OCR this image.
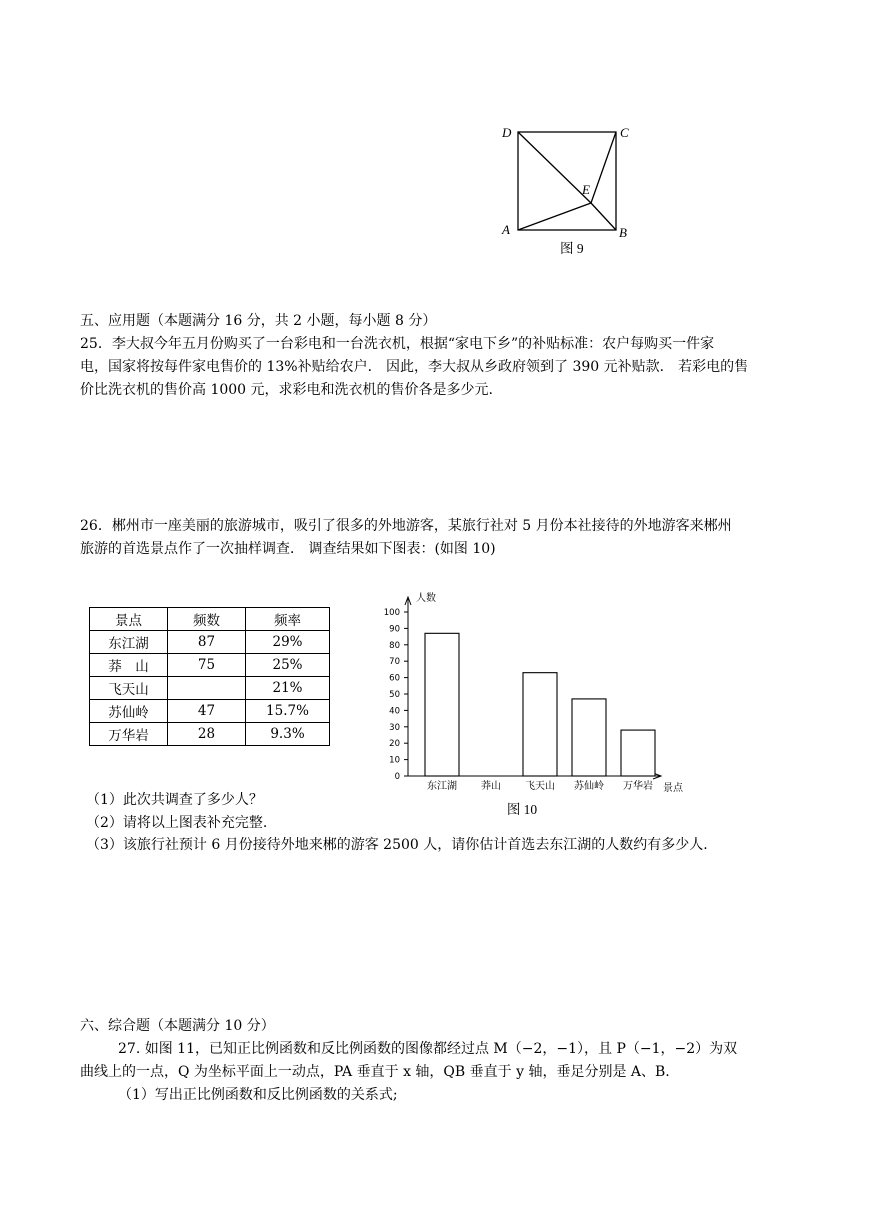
D	C
E
A	B
图 9
五、应用题（本题满分 16 分，共 2 小题，每小题 8 分）
25．李大叔今年五月份购买了一台彩电和一台洗衣机，根据“家电下乡”的补贴标准：农户每购买一件家
电，国家将按每件家电售价的 13%补贴给农户． 因此，李大叔从乡政府领到了 390 元补贴款． 若彩电的售
价比洗衣机的售价高 1000 元，求彩电和洗衣机的售价各是多少元.
26．郴州市一座美丽的旅游城市，吸引了很多的外地游客，某旅行社对 5 月份本社接待的外地游客来郴州
旅游的首选景点作了一次抽样调查． 调查结果如下图表：(如图 10)
景点	频数	频率
东江湖	87	29%
莽　山	75	25%
飞天山		21%
苏仙岭	47	15.7%
万华岩	28	9.3%
0
10
20
30
40
50
60
70
80
90
100
人数
景点
东江湖 莽山 飞天山 苏仙岭 万华岩
图 10
（1）此次共调查了多少人？
（2）请将以上图表补充完整.
（3）该旅行社预计 6 月份接待外地来郴的游客 2500 人，请你估计首选去东江湖的人数约有多少人.
六、综合题（本题满分 10 分）
27. 如图 11，已知正比例函数和反比例函数的图像都经过点 M（−2，−1），且 P（−1，−2）为双
曲线上的一点，Q 为坐标平面上一动点，PA 垂直于 x 轴，QB 垂直于 y 轴，垂足分别是 A、B.
（1）写出正比例函数和反比例函数的关系式;
